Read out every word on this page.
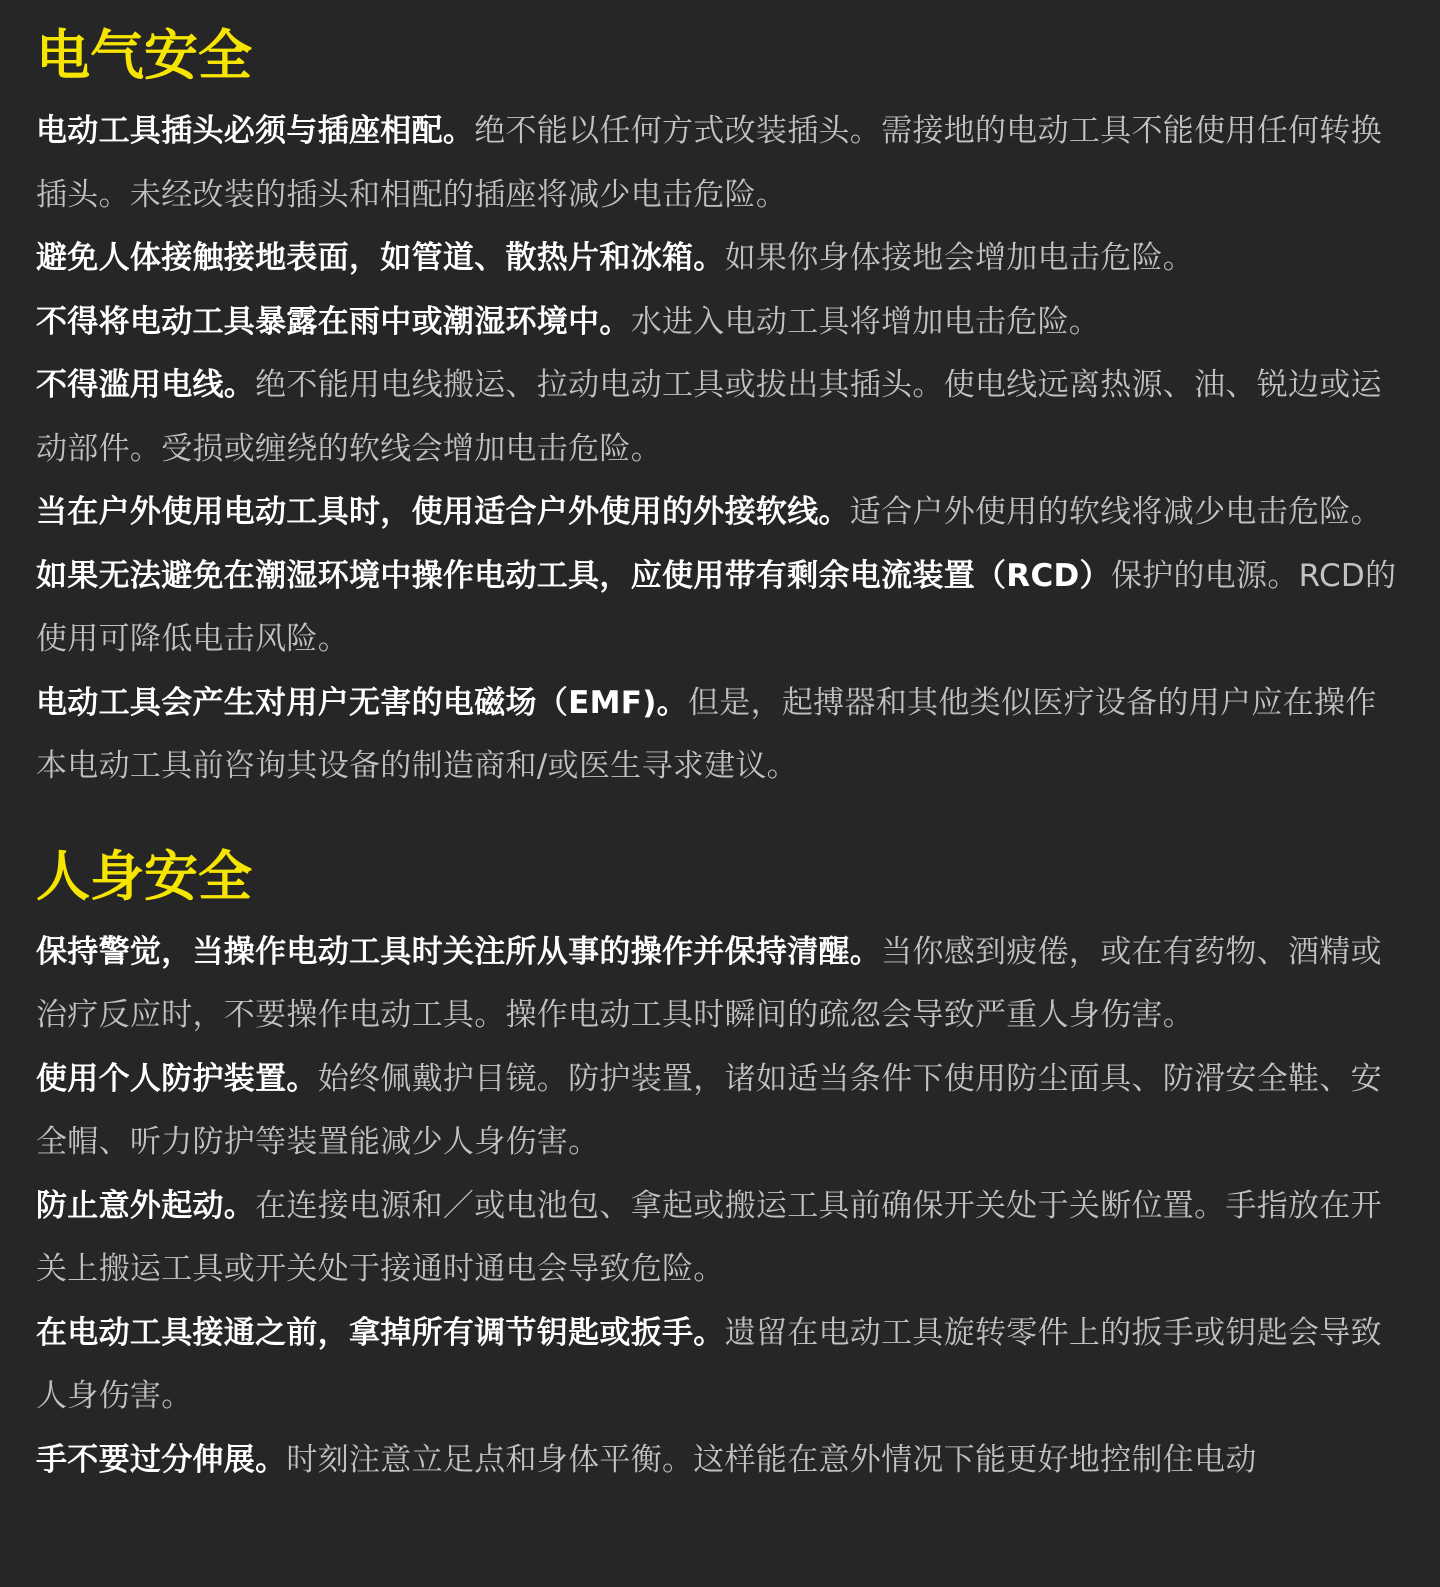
电气安全

电动工具插头必须与插座相配。绝不能以任何方式改装插头。需接地的电动工具不能使用任何转换插头。未经改装的插头和相配的插座将减少电击危险。

避免人体接触接地表面，如管道、散热片和冰箱。如果你身体接地会增加电击危险。

不得将电动工具暴露在雨中或潮湿环境中。水进入电动工具将增加电击危险。

不得滥用电线。绝不能用电线搬运、拉动电动工具或拔出其插头。使电线远离热源、油、锐边或运动部件。受损或缠绕的软线会增加电击危险。

当在户外使用电动工具时，使用适合户外使用的外接软线。适合户外使用的软线将减少电击危险。

如果无法避免在潮湿环境中操作电动工具，应使用带有剩余电流装置（RCD）保护的电源。RCD的使用可降低电击风险。

电动工具会产生对用户无害的电磁场（EMF)。但是，起搏器和其他类似医疗设备的用户应在操作本电动工具前咨询其设备的制造商和/或医生寻求建议。

人身安全

保持警觉，当操作电动工具时关注所从事的操作并保持清醒。当你感到疲倦，或在有药物、酒精或治疗反应时，不要操作电动工具。操作电动工具时瞬间的疏忽会导致严重人身伤害。

使用个人防护装置。始终佩戴护目镜。防护装置，诸如适当条件下使用防尘面具、防滑安全鞋、安全帽、听力防护等装置能减少人身伤害。

防止意外起动。在连接电源和／或电池包、拿起或搬运工具前确保开关处于关断位置。手指放在开关上搬运工具或开关处于接通时通电会导致危险。

在电动工具接通之前，拿掉所有调节钥匙或扳手。遗留在电动工具旋转零件上的扳手或钥匙会导致人身伤害。

手不要过分伸展。时刻注意立足点和身体平衡。这样能在意外情况下能更好地控制住电动
